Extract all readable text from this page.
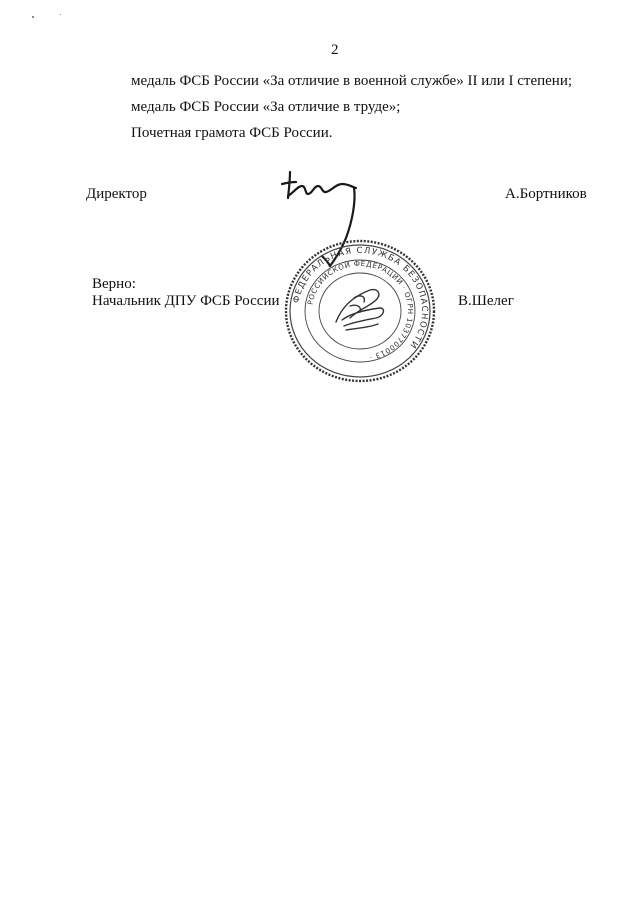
2
медаль ФСБ России «За отличие в военной службе» II или I степени;
медаль ФСБ России «За отличие в труде»;
Почетная грамота ФСБ России.
Директор	А.Бортников
Верно:
Начальник ДПУ ФСБ России	В.Шелег
ФЕДЕРАЛЬНАЯ СЛУЖБА БЕЗОПАСНОСТИ
РОССИЙСКОЙ ФЕДЕРАЦИИ · ОГРН 1037700013 ·
